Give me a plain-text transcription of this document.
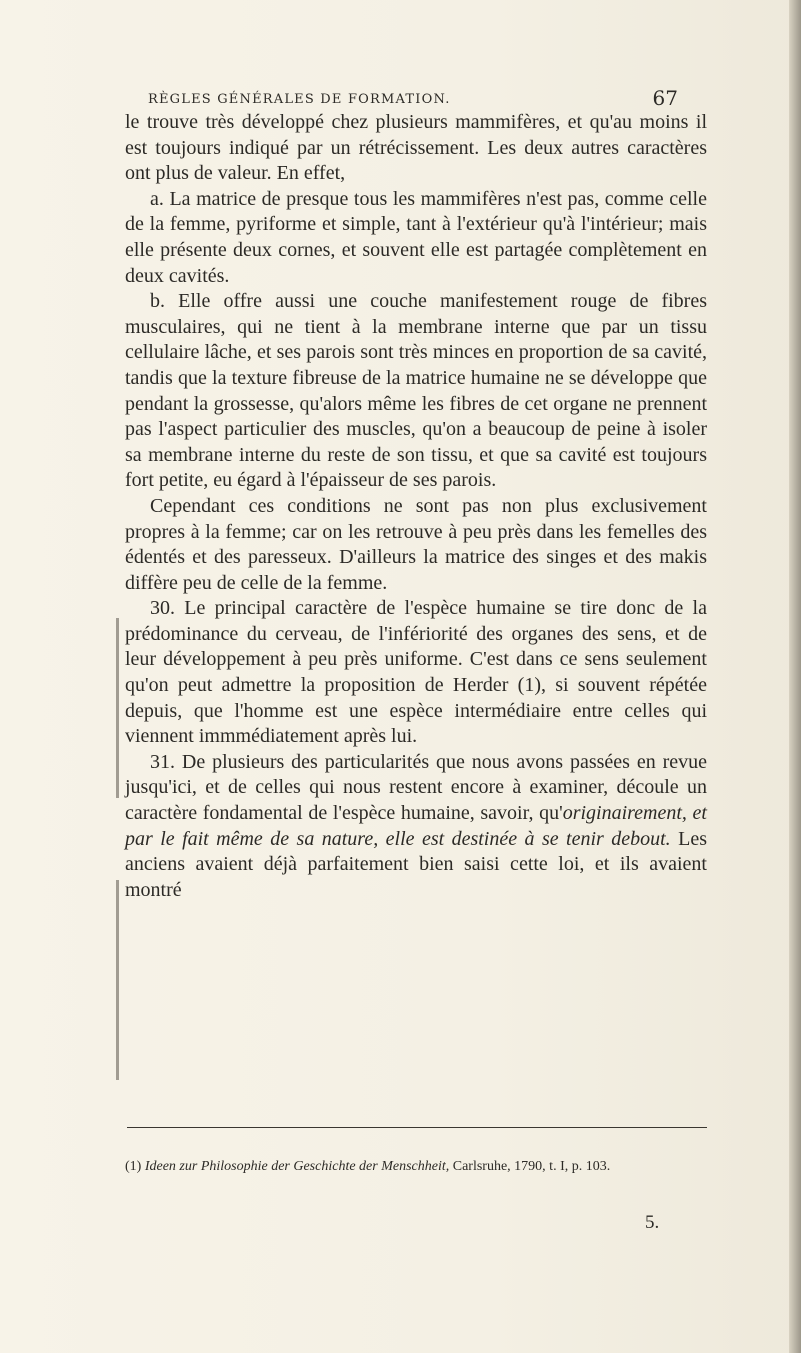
RÈGLES GÉNÉRALES DE FORMATION.	67

le trouve très développé chez plusieurs mammifères, et qu'au moins il est toujours indiqué par un rétrécissement. Les deux autres caractères ont plus de valeur. En effet,

a. La matrice de presque tous les mammifères n'est pas, comme celle de la femme, pyriforme et simple, tant à l'extérieur qu'à l'intérieur; mais elle présente deux cornes, et souvent elle est partagée complètement en deux cavités.

b. Elle offre aussi une couche manifestement rouge de fibres musculaires, qui ne tient à la membrane interne que par un tissu cellulaire lâche, et ses parois sont très minces en proportion de sa cavité, tandis que la texture fibreuse de la matrice humaine ne se développe que pendant la grossesse, qu'alors même les fibres de cet organe ne prennent pas l'aspect particulier des muscles, qu'on a beaucoup de peine à isoler sa membrane interne du reste de son tissu, et que sa cavité est toujours fort petite, eu égard à l'épaisseur de ses parois.

Cependant ces conditions ne sont pas non plus exclusivement propres à la femme; car on les retrouve à peu près dans les femelles des édentés et des paresseux. D'ailleurs la matrice des singes et des makis diffère peu de celle de la femme.

30. Le principal caractère de l'espèce humaine se tire donc de la prédominance du cerveau, de l'infériorité des organes des sens, et de leur développement à peu près uniforme. C'est dans ce sens seulement qu'on peut admettre la proposition de Herder (1), si souvent répétée depuis, que l'homme est une espèce intermédiaire entre celles qui viennent immmédiatement après lui.

31. De plusieurs des particularités que nous avons passées en revue jusqu'ici, et de celles qui nous restent encore à examiner, découle un caractère fondamental de l'espèce humaine, savoir, qu'originairement, et par le fait même de sa nature, elle est destinée à se tenir debout. Les anciens avaient déjà parfaitement bien saisi cette loi, et ils avaient montré

(1) Ideen zur Philosophie der Geschichte der Menschheit, Carlsruhe, 1790, t. I, p. 103.
5.
